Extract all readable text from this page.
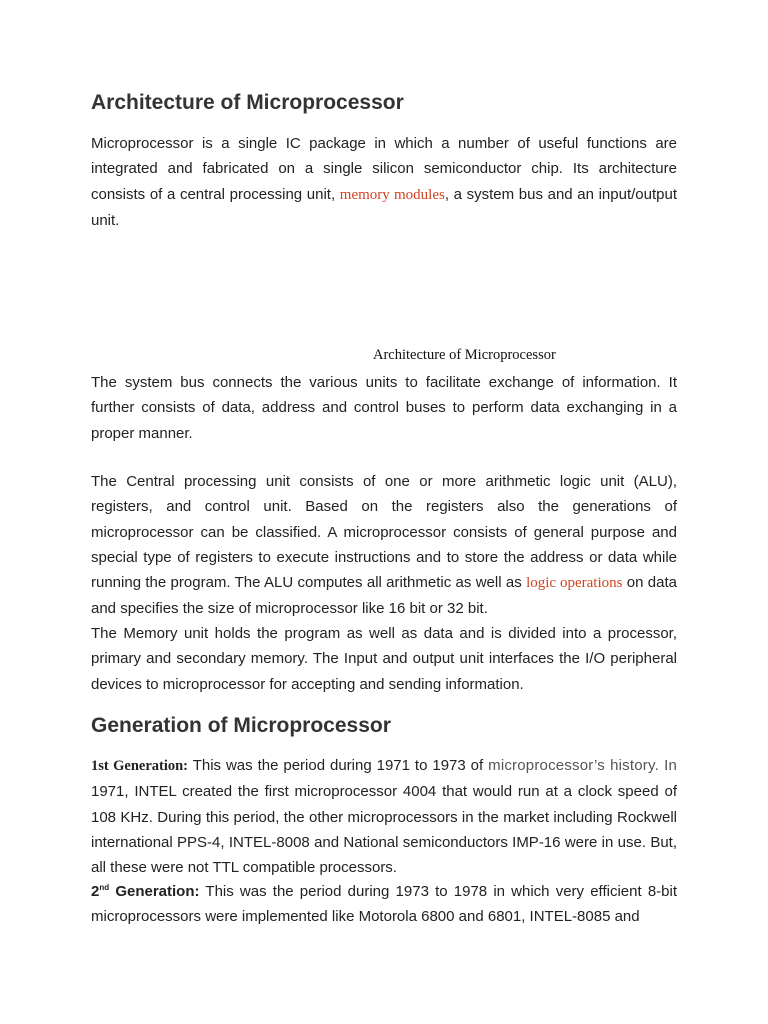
Architecture of Microprocessor

Microprocessor is a single IC package in which a number of useful functions are integrated and fabricated on a single silicon semiconductor chip. Its architecture consists of a central processing unit, memory modules, a system bus and an input/output unit.

Architecture of Microprocessor

The system bus connects the various units to facilitate exchange of information. It further consists of data, address and control buses to perform data exchanging in a proper manner.

The Central processing unit consists of one or more arithmetic logic unit (ALU), registers, and control unit. Based on the registers also the generations of microprocessor can be classified. A microprocessor consists of general purpose and special type of registers to execute instructions and to store the address or data while running the program. The ALU computes all arithmetic as well as logic operations on data and specifies the size of microprocessor like 16 bit or 32 bit.

The Memory unit holds the program as well as data and is divided into a processor, primary and secondary memory. The Input and output unit interfaces the I/O peripheral devices to microprocessor for accepting and sending information.

Generation of Microprocessor

1st Generation: This was the period during 1971 to 1973 of microprocessor’s history. In 1971, INTEL created the first microprocessor 4004 that would run at a clock speed of 108 KHz. During this period, the other microprocessors in the market including Rockwell international PPS-4, INTEL-8008 and National semiconductors IMP-16 were in use. But, all these were not TTL compatible processors.

2nd Generation: This was the period during 1973 to 1978 in which very efficient 8-bit microprocessors were implemented like Motorola 6800 and 6801, INTEL-8085 and
